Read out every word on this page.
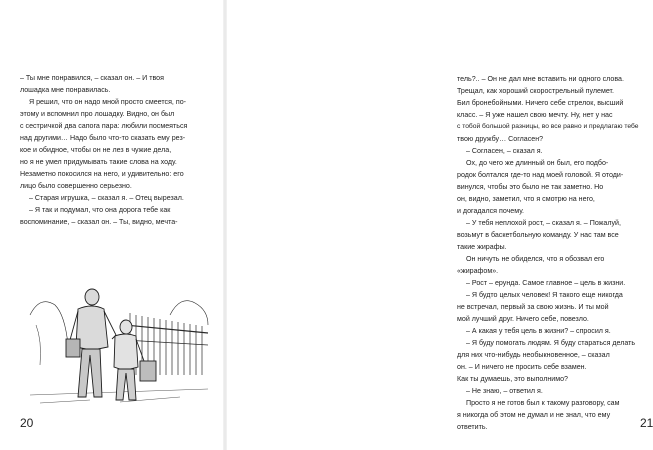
– Ты мне понравился, – сказал он. – И твоя
лошадка мне понравилась.
Я решил, что он надо мной просто смеется, по-
этому и вспомнил про лошадку. Видно, он был
с сестричкой два сапога пара: любили посмеяться
над другими… Надо было что-то сказать ему рез-
кое и обидное, чтобы он не лез в чужие дела,
но я не умел придумывать такие слова на ходу.
Незаметно покосился на него, и удивительно: его
лицо было совершенно серьезно.
– Старая игрушка, – сказал я. – Отец вырезал.
– Я так и подумал, что она дорога тебе как
воспоминание, – сказал он. – Ты, видно, мечта-
20
тель?.. – Он не дал мне вставить ни одного слова.
Трещал, как хороший скорострельный пулемет.
Бил бронебойными. Ничего себе стрелок, высший
класс. – Я уже нашел свою мечту. Ну, нет у нас
с тобой большой разницы, во все равно и предлагаю тебе
твою дружбу… Согласен?
– Согласен, – сказал я.
Ох, до чего же длинный он был, его подбо-
родок болтался где-то над моей головой. Я отоди-
винулся, чтобы это было не так заметно. Но
он, видно, заметил, что я смотрю на него,
и догадался почему.
– У тебя неплохой рост, – сказал я. – Пожалуй,
возьмут в баскетбольную команду. У нас там все
такие жирафы.
Он ничуть не обиделся, что я обозвал его
«жирафом».
– Рост – ерунда. Самое главное – цель в жизни.
– Я будто целых человек! Я такого еще никогда
не встречал, первый за свою жизнь. И ты мой
мой лучший друг. Ничего себе, повезло.
– А какая у тебя цель в жизни? – спросил я.
– Я буду помогать людям. Я буду стараться делать
для них что-нибудь необыкновенное, – сказал
он. – И ничего не просить себе взамен.
Как ты думаешь, это выполнимо?
– Не знаю, – ответил я.
Просто я не готов был к такому разговору, сам
я никогда об этом не думал и не знал, что ему
ответить.	21
